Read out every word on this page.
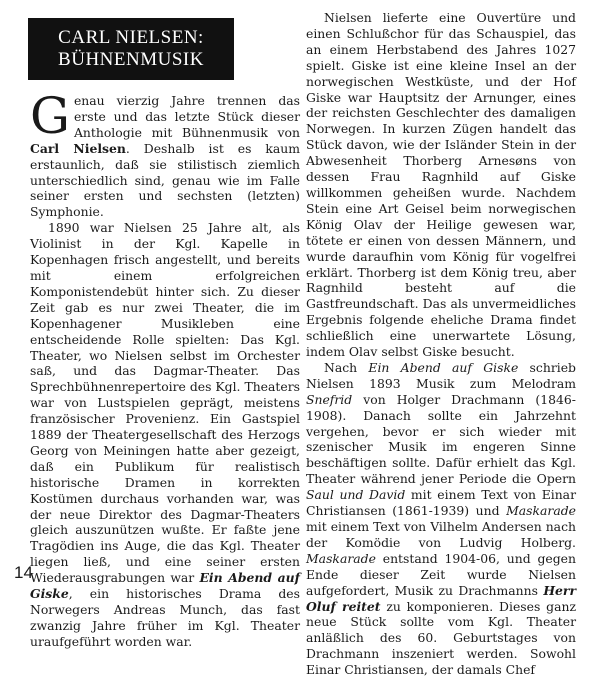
CARL NIELSEN:
BÜHNENMUSIK

Genau vierzig Jahre trennen das erste und das letzte Stück dieser Anthologie mit Bühnenmusik von Carl Nielsen. Deshalb ist es kaum erstaunlich, daß sie stilistisch ziemlich unterschiedlich sind, genau wie im Falle seiner ersten und sechsten (letzten) Symphonie.

1890 war Nielsen 25 Jahre alt, als Violinist in der Kgl. Kapelle in Kopenhagen frisch angestellt, und bereits mit einem erfolgreichen Komponistendebüt hinter sich. Zu dieser Zeit gab es nur zwei Theater, die im Kopenhagener Musikleben eine entscheidende Rolle spielten: Das Kgl. Theater, wo Nielsen selbst im Orchester saß, und das Dagmar-Theater. Das Sprechbühnenrepertoire des Kgl. Theaters war von Lustspielen geprägt, meistens französischer Provenienz. Ein Gastspiel 1889 der Theatergesellschaft des Herzogs Georg von Meiningen hatte aber gezeigt, daß ein Publikum für realistisch historische Dramen in korrekten Kostümen durchaus vorhanden war, was der neue Direktor des Dagmar-Theaters gleich auszunützen wußte. Er faßte jene Tragödien ins Auge, die das Kgl. Theater liegen ließ, und eine seiner ersten Wiederausgrabungen war Ein Abend auf Giske, ein historisches Drama des Norwegers Andreas Munch, das fast zwanzig Jahre früher im Kgl. Theater uraufgeführt worden war.

Nielsen lieferte eine Ouvertüre und einen Schlußchor für das Schauspiel, das an einem Herbstabend des Jahres 1027 spielt. Giske ist eine kleine Insel an der norwegischen Westküste, und der Hof Giske war Hauptsitz der Arnunger, eines der reichsten Geschlechter des damaligen Norwegen. In kurzen Zügen handelt das Stück davon, wie der Isländer Stein in der Abwesenheit Thorberg Arnesøns von dessen Frau Ragnhild auf Giske willkommen geheißen wurde. Nachdem Stein eine Art Geisel beim norwegischen König Olav der Heilige gewesen war, tötete er einen von dessen Männern, und wurde daraufhin vom König für vogelfrei erklärt. Thorberg ist dem König treu, aber Ragnhild besteht auf die Gastfreundschaft. Das als unvermeidliches Ergebnis folgende eheliche Drama findet schließlich eine unerwartete Lösung, indem Olav selbst Giske besucht.

Nach Ein Abend auf Giske schrieb Nielsen 1893 Musik zum Melodram Snefrid von Holger Drachmann (1846-1908). Danach sollte ein Jahrzehnt vergehen, bevor er sich wieder mit szenischer Musik im engeren Sinne beschäftigen sollte. Dafür erhielt das Kgl. Theater während jener Periode die Opern Saul und David mit einem Text von Einar Christiansen (1861-1939) und Maskarade mit einem Text von Vilhelm Andersen nach der Komödie von Ludvig Holberg. Maskarade entstand 1904-06, und gegen Ende dieser Zeit wurde Nielsen aufgefordert, Musik zu Drachmanns Herr Oluf reitet zu komponieren. Dieses ganz neue Stück sollte vom Kgl. Theater anläßlich des 60. Geburtstages von Drachmann inszeniert werden. Sowohl Einar Christiansen, der damals Chef

14
